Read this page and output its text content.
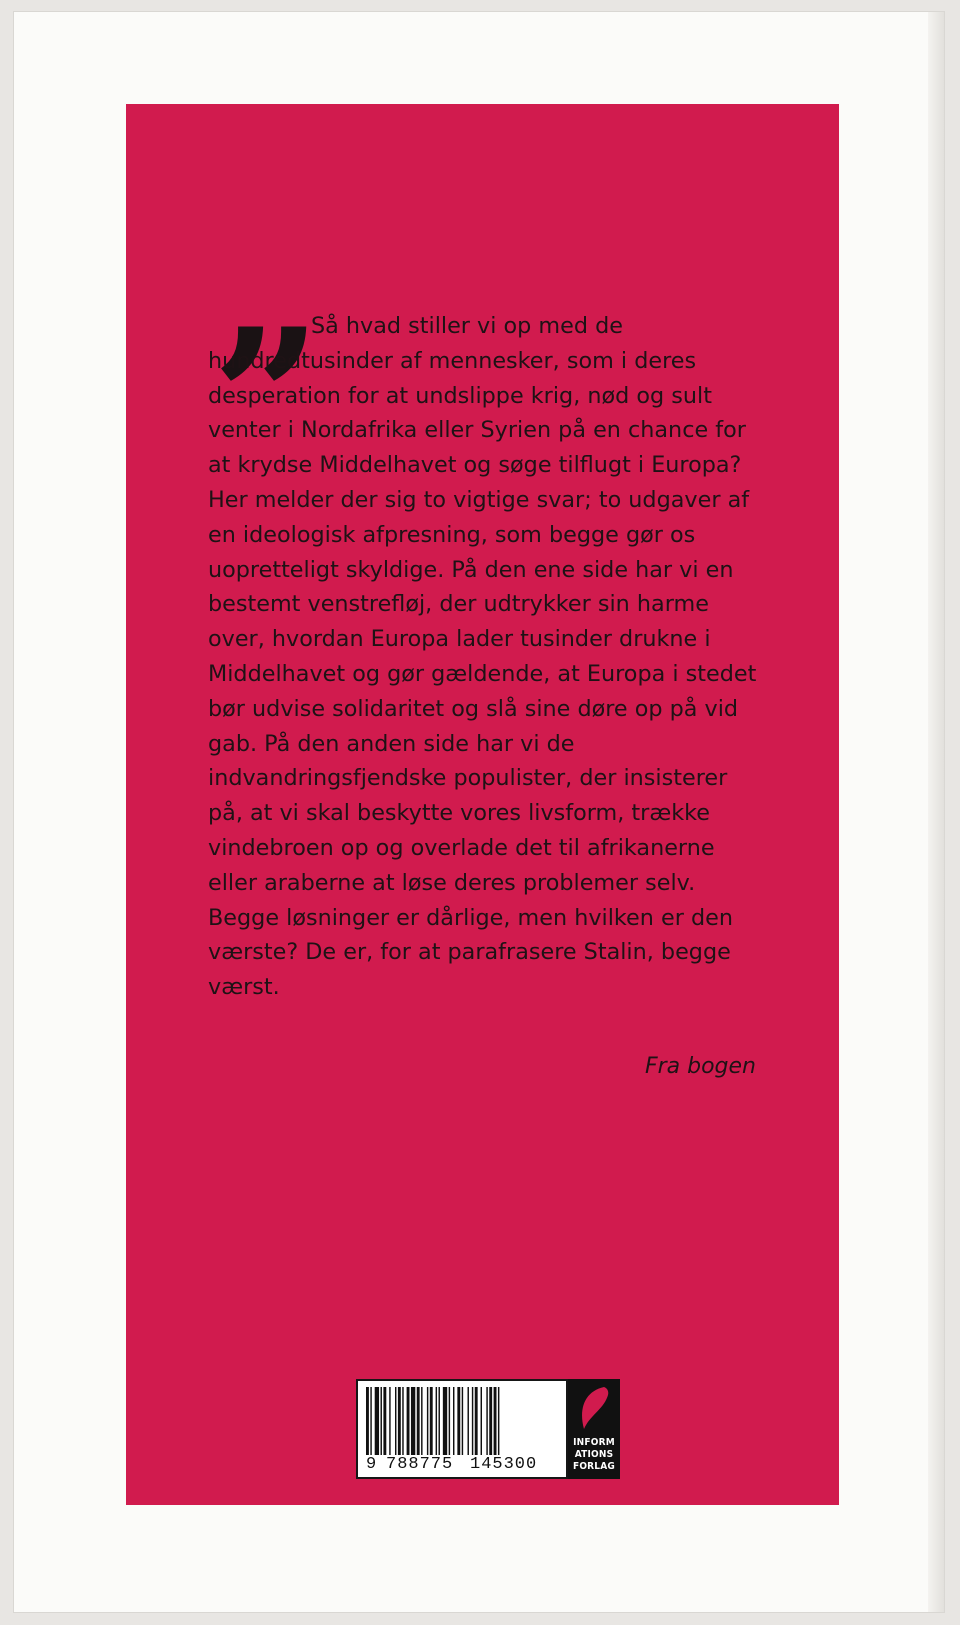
” Så hvad stiller vi op med de hundredtusinder af mennesker, som i deres desperation for at undslippe krig, nød og sult venter i Nordafrika eller Syrien på en chance for at krydse Middelhavet og søge tilflugt i Europa? Her melder der sig to vigtige svar; to udgaver af en ideologisk afpresning, som begge gør os uopretteligt skyldige. På den ene side har vi en bestemt venstrefløj, der udtrykker sin harme over, hvordan Europa lader tusinder drukne i Middelhavet og gør gældende, at Europa i stedet bør udvise solidaritet og slå sine døre op på vid gab. På den anden side har vi de indvandringsfjendske populister, der insisterer på, at vi skal beskytte vores livsform, trække vindebroen op og overlade det til afrikanerne eller araberne at løse deres problemer selv. Begge løsninger er dårlige, men hvilken er den værste? De er, for at parafrasere Stalin, begge værst.

Fra bogen

9

788775

145300

INFORM
ATIONS
FORLAG
